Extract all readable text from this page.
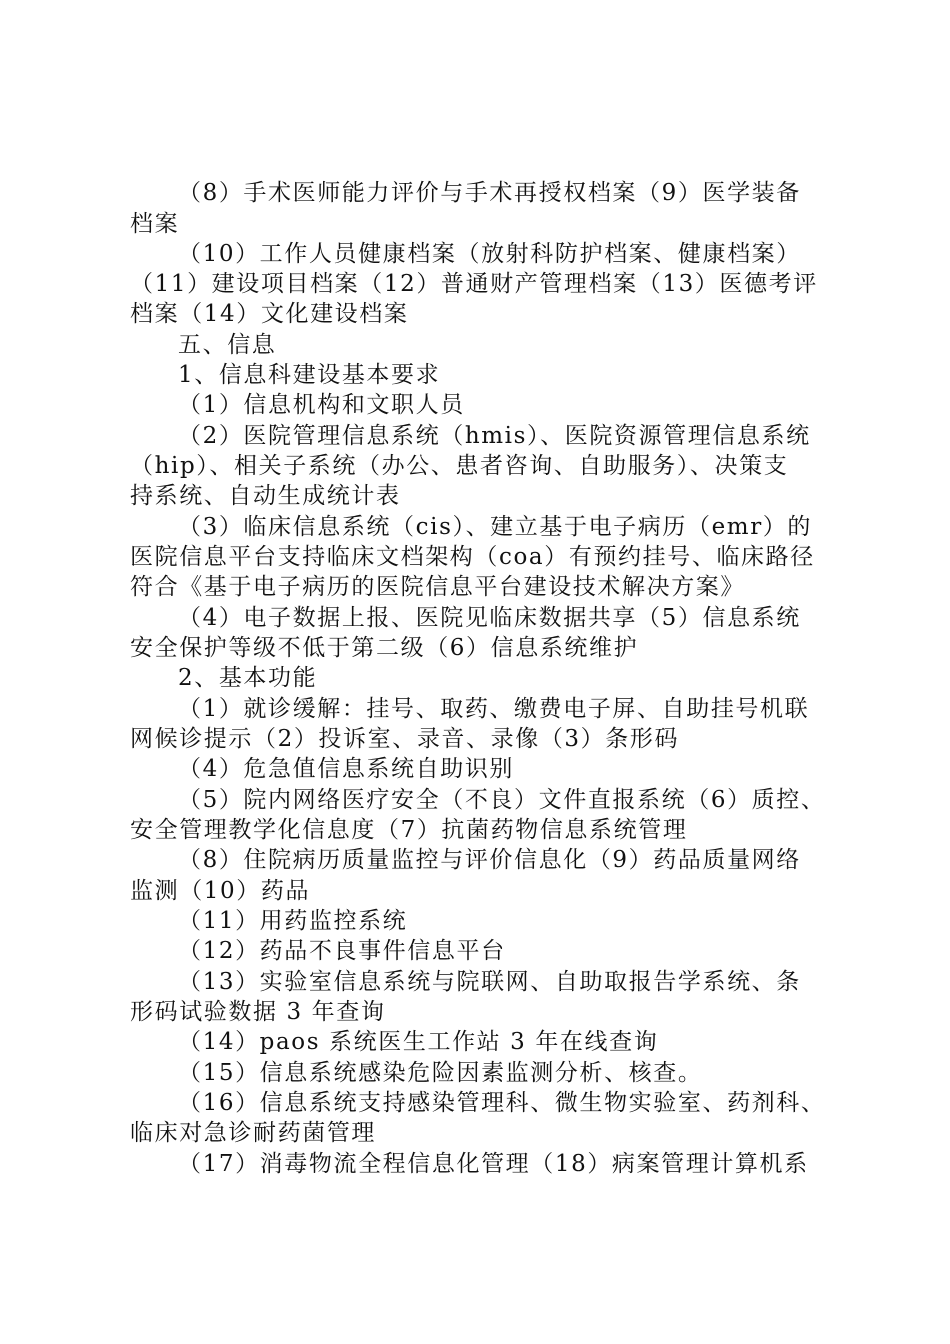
（8）手术医师能力评价与手术再授权档案（9）医学装备
档案
（10）工作人员健康档案（放射科防护档案、健康档案）
（11）建设项目档案（12）普通财产管理档案（13）医德考评
档案（14）文化建设档案
五、信息
1、信息科建设基本要求
（1）信息机构和文职人员
（2）医院管理信息系统（hmis）、医院资源管理信息系统
（hip）、相关子系统（办公、患者咨询、自助服务）、决策支
持系统、自动生成统计表
（3）临床信息系统（cis）、建立基于电子病历（emr）的
医院信息平台支持临床文档架构（coa）有预约挂号、临床路径
符合《基于电子病历的医院信息平台建设技术解决方案》
（4）电子数据上报、医院见临床数据共享（5）信息系统
安全保护等级不低于第二级（6）信息系统维护
2、基本功能
（1）就诊缓解：挂号、取药、缴费电子屏、自助挂号机联
网候诊提示（2）投诉室、录音、录像（3）条形码
（4）危急值信息系统自助识别
（5）院内网络医疗安全（不良）文件直报系统（6）质控、
安全管理教学化信息度（7）抗菌药物信息系统管理
（8）住院病历质量监控与评价信息化（9）药品质量网络
监测（10）药品
（11）用药监控系统
（12）药品不良事件信息平台
（13）实验室信息系统与院联网、自助取报告学系统、条
形码试验数据 3 年查询
（14）paos 系统医生工作站 3 年在线查询
（15）信息系统感染危险因素监测分析、核查。
（16）信息系统支持感染管理科、微生物实验室、药剂科、
临床对急诊耐药菌管理
（17）消毒物流全程信息化管理（18）病案管理计算机系
